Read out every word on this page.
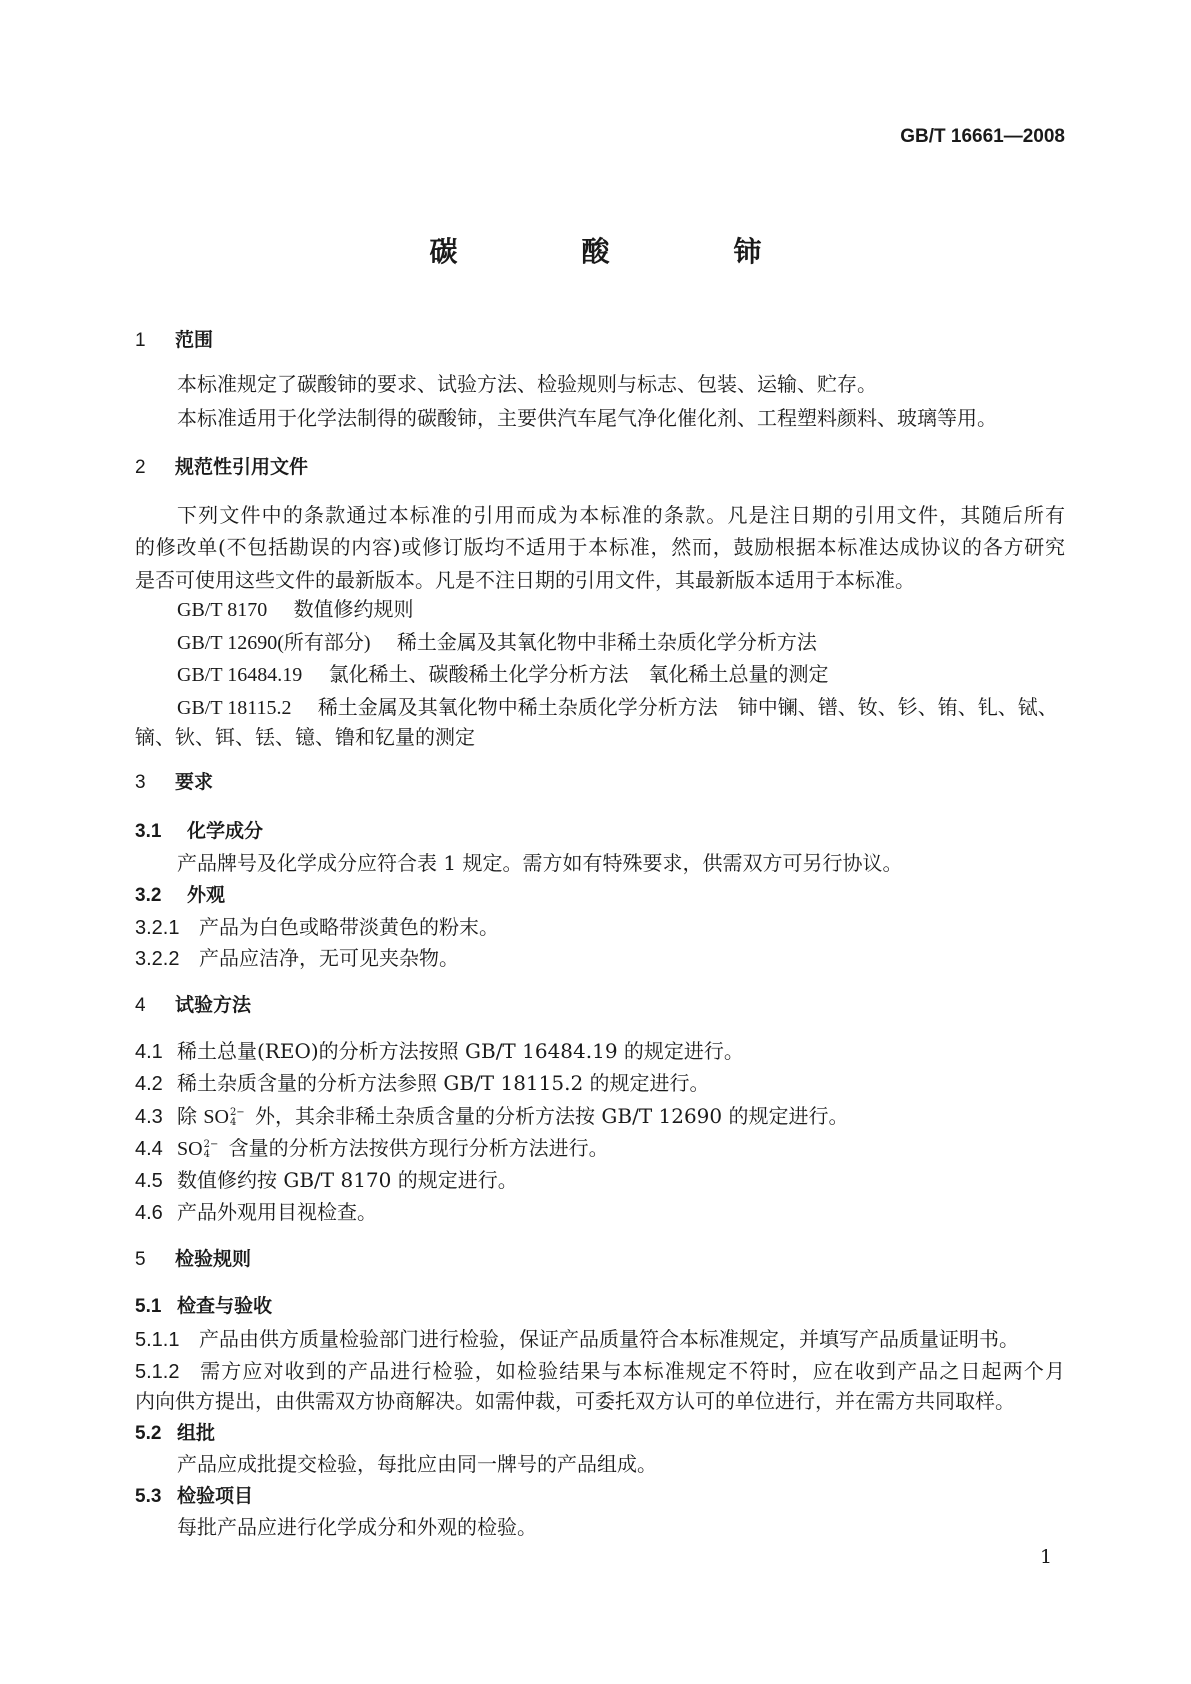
GB/T 16661—2008
碳　酸　铈
1 范围
本标准规定了碳酸铈的要求、试验方法、检验规则与标志、包装、运输、贮存。
本标准适用于化学法制得的碳酸铈，主要供汽车尾气净化催化剂、工程塑料颜料、玻璃等用。
2 规范性引用文件
下列文件中的条款通过本标准的引用而成为本标准的条款。凡是注日期的引用文件，其随后所有
的修改单(不包括勘误的内容)或修订版均不适用于本标准，然而，鼓励根据本标准达成协议的各方研究
是否可使用这些文件的最新版本。凡是不注日期的引用文件，其最新版本适用于本标准。
GB/T 8170　 数值修约规则
GB/T 12690(所有部分)　 稀土金属及其氧化物中非稀土杂质化学分析方法
GB/T 16484.19　 氯化稀土、碳酸稀土化学分析方法　氧化稀土总量的测定
GB/T 18115.2　 稀土金属及其氧化物中稀土杂质化学分析方法　铈中镧、镨、钕、钐、铕、钆、铽、
镝、钬、铒、铥、镱、镥和钇量的测定
3 要求
3.1 化学成分
产品牌号及化学成分应符合表 1 规定。需方如有特殊要求，供需双方可另行协议。
3.2 外观
3.2.1 产品为白色或略带淡黄色的粉末。
3.2.2 产品应洁净，无可见夹杂物。
4 试验方法
4.1 稀土总量(REO)的分析方法按照 GB/T 16484.19 的规定进行。
4.2 稀土杂质含量的分析方法参照 GB/T 18115.2 的规定进行。
4.3 除 SO 2−
4 外，其余非稀土杂质含量的分析方法按 GB/T 12690 的规定进行。
4.4 SO 2−
4 含量的分析方法按供方现行分析方法进行。
4.5 数值修约按 GB/T 8170 的规定进行。
4.6 产品外观用目视检查。
5 检验规则
5.1 检查与验收
5.1.1 产品由供方质量检验部门进行检验，保证产品质量符合本标准规定，并填写产品质量证明书。
5.1.2 需方应对收到的产品进行检验，如检验结果与本标准规定不符时，应在收到产品之日起两个月
内向供方提出，由供需双方协商解决。如需仲裁，可委托双方认可的单位进行，并在需方共同取样。
5.2 组批
产品应成批提交检验，每批应由同一牌号的产品组成。
5.3 检验项目
每批产品应进行化学成分和外观的检验。
1
